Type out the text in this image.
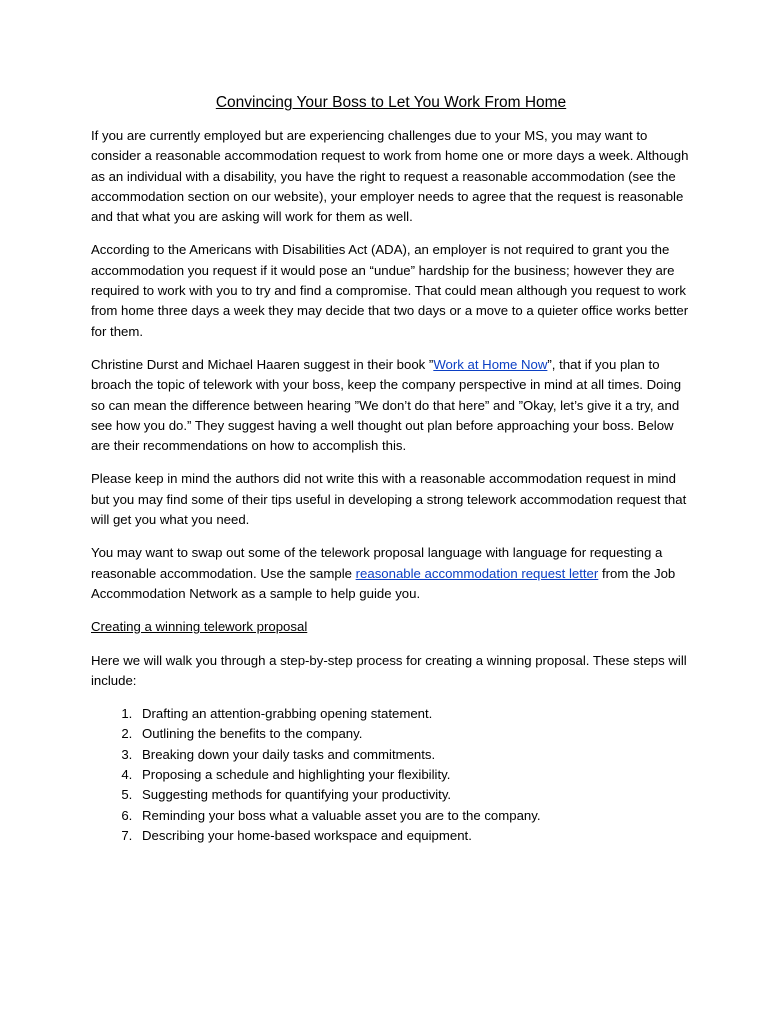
Convincing Your Boss to Let You Work From Home

If you are currently employed but are experiencing challenges due to your MS, you may want to consider a reasonable accommodation request to work from home one or more days a week. Although as an individual with a disability, you have the right to request a reasonable accommodation (see the accommodation section on our website), your employer needs to agree that the request is reasonable and that what you are asking will work for them as well.

According to the Americans with Disabilities Act (ADA), an employer is not required to grant you the accommodation you request if it would pose an “undue” hardship for the business; however they are required to work with you to try and find a compromise. That could mean although you request to work from home three days a week they may decide that two days or a move to a quieter office works better for them.

Christine Durst and Michael Haaren suggest in their book ”Work at Home Now”, that if you plan to broach the topic of telework with your boss, keep the company perspective in mind at all times. Doing so can mean the difference between hearing ”We don’t do that here” and ”Okay, let’s give it a try, and see how you do.” They suggest having a well thought out plan before approaching your boss. Below are their recommendations on how to accomplish this.

Please keep in mind the authors did not write this with a reasonable accommodation request in mind but you may find some of their tips useful in developing a strong telework accommodation request that will get you what you need.

You may want to swap out some of the telework proposal language with language for requesting a reasonable accommodation. Use the sample reasonable accommodation request letter from the Job Accommodation Network as a sample to help guide you.

Creating a winning telework proposal

Here we will walk you through a step-by-step process for creating a winning proposal. These steps will include:

1. Drafting an attention-grabbing opening statement.
2. Outlining the benefits to the company.
3. Breaking down your daily tasks and commitments.
4. Proposing a schedule and highlighting your flexibility.
5. Suggesting methods for quantifying your productivity.
6. Reminding your boss what a valuable asset you are to the company.
7. Describing your home-based workspace and equipment.
